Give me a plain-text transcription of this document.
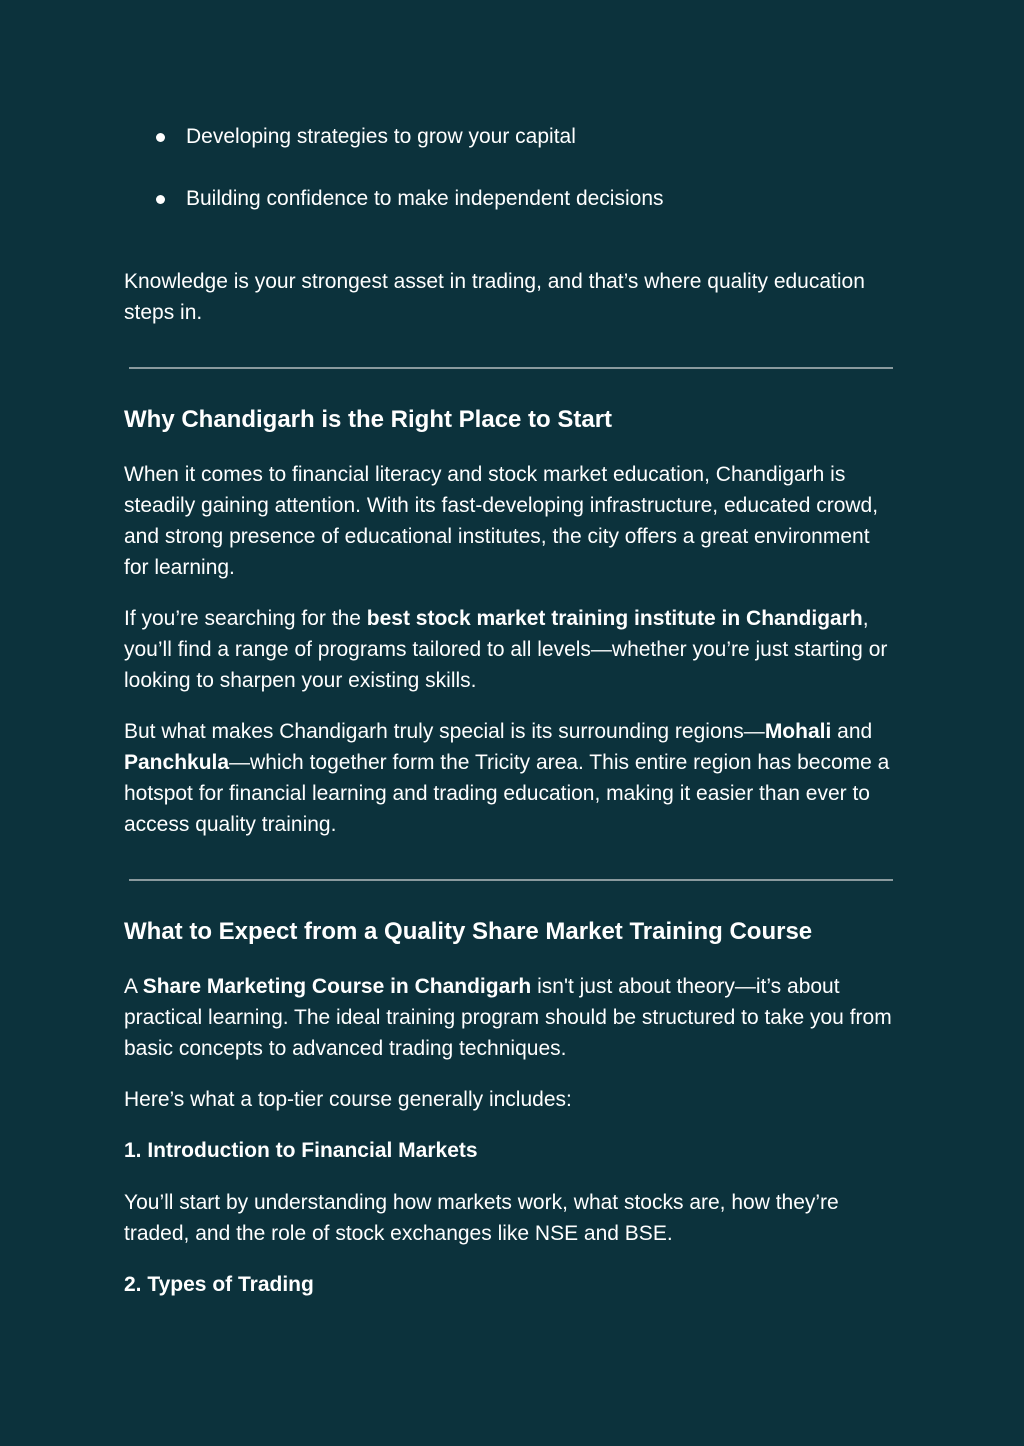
Developing strategies to grow your capital
Building confidence to make independent decisions

Knowledge is your strongest asset in trading, and that’s where quality education steps in.

Why Chandigarh is the Right Place to Start

When it comes to financial literacy and stock market education, Chandigarh is steadily gaining attention. With its fast-developing infrastructure, educated crowd, and strong presence of educational institutes, the city offers a great environment for learning.

If you’re searching for the best stock market training institute in Chandigarh, you’ll find a range of programs tailored to all levels—whether you’re just starting or looking to sharpen your existing skills.

But what makes Chandigarh truly special is its surrounding regions—Mohali and Panchkula—which together form the Tricity area. This entire region has become a hotspot for financial learning and trading education, making it easier than ever to access quality training.

What to Expect from a Quality Share Market Training Course

A Share Marketing Course in Chandigarh isn't just about theory—it’s about practical learning. The ideal training program should be structured to take you from basic concepts to advanced trading techniques.

Here’s what a top-tier course generally includes:

1. Introduction to Financial Markets

You’ll start by understanding how markets work, what stocks are, how they’re traded, and the role of stock exchanges like NSE and BSE.

2. Types of Trading
